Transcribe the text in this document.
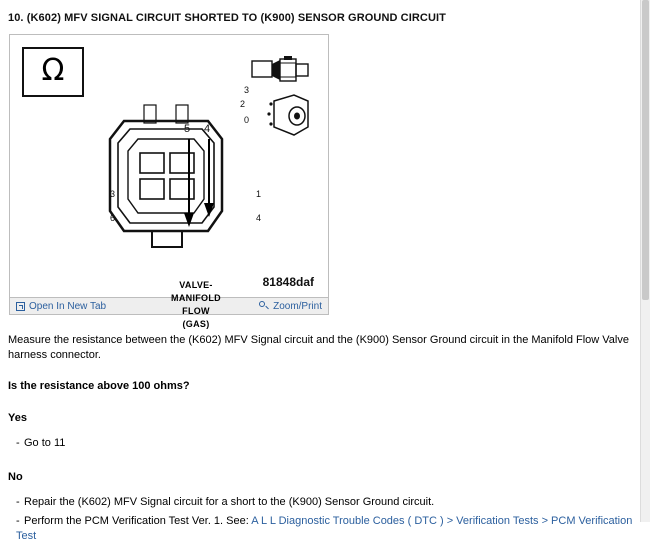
10. (K602) MFV SIGNAL CIRCUIT SHORTED TO (K900) SENSOR GROUND CIRCUIT
Ω
3
2
0
5 4
3
6
1
4
VALVE-
MANIFOLD
FLOW
(GAS)
81848daf
Open In New Tab	Zoom/Print
Measure the resistance between the (K602) MFV Signal circuit and the (K900) Sensor Ground circuit in the Manifold Flow Valve harness connector.
Is the resistance above 100 ohms?
Yes
- Go to 11
No
- Repair the (K602) MFV Signal circuit for a short to the (K900) Sensor Ground circuit.
- Perform the PCM Verification Test Ver. 1. See: A L L Diagnostic Trouble Codes ( DTC ) > Verification Tests > PCM Verification Test
